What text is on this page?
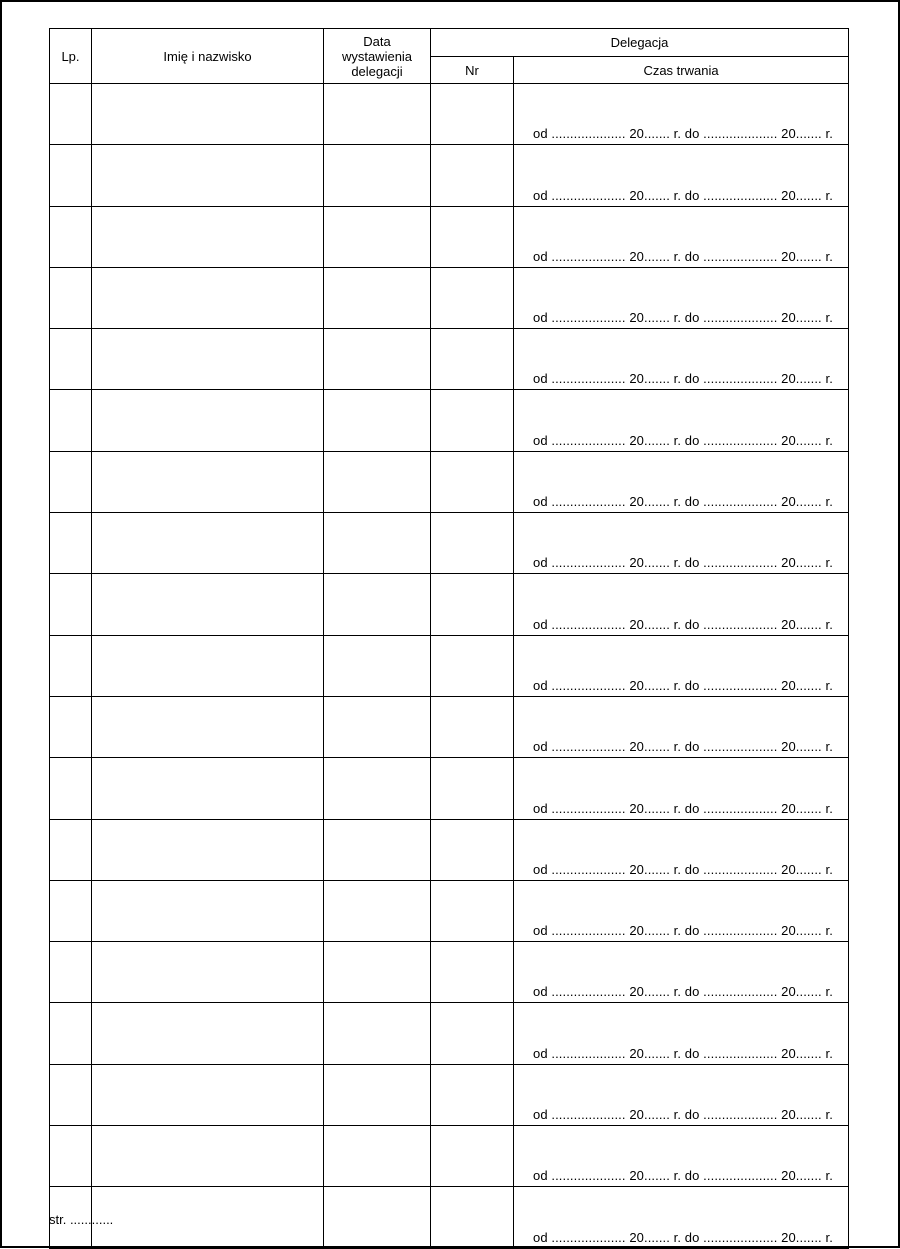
Lp.	Imię i nazwisko	Data
wystawienia
delegacji	Delegacja	
			Nr	Czas trwania
				od .................... 20....... r. do .................... 20....... r.
				od .................... 20....... r. do .................... 20....... r.
				od .................... 20....... r. do .................... 20....... r.
				od .................... 20....... r. do .................... 20....... r.
				od .................... 20....... r. do .................... 20....... r.
				od .................... 20....... r. do .................... 20....... r.
				od .................... 20....... r. do .................... 20....... r.
				od .................... 20....... r. do .................... 20....... r.
				od .................... 20....... r. do .................... 20....... r.
				od .................... 20....... r. do .................... 20....... r.
				od .................... 20....... r. do .................... 20....... r.
				od .................... 20....... r. do .................... 20....... r.
				od .................... 20....... r. do .................... 20....... r.
				od .................... 20....... r. do .................... 20....... r.
				od .................... 20....... r. do .................... 20....... r.
				od .................... 20....... r. do .................... 20....... r.
				od .................... 20....... r. do .................... 20....... r.
				od .................... 20....... r. do .................... 20....... r.
				od .................... 20....... r. do .................... 20....... r.
str. ............
